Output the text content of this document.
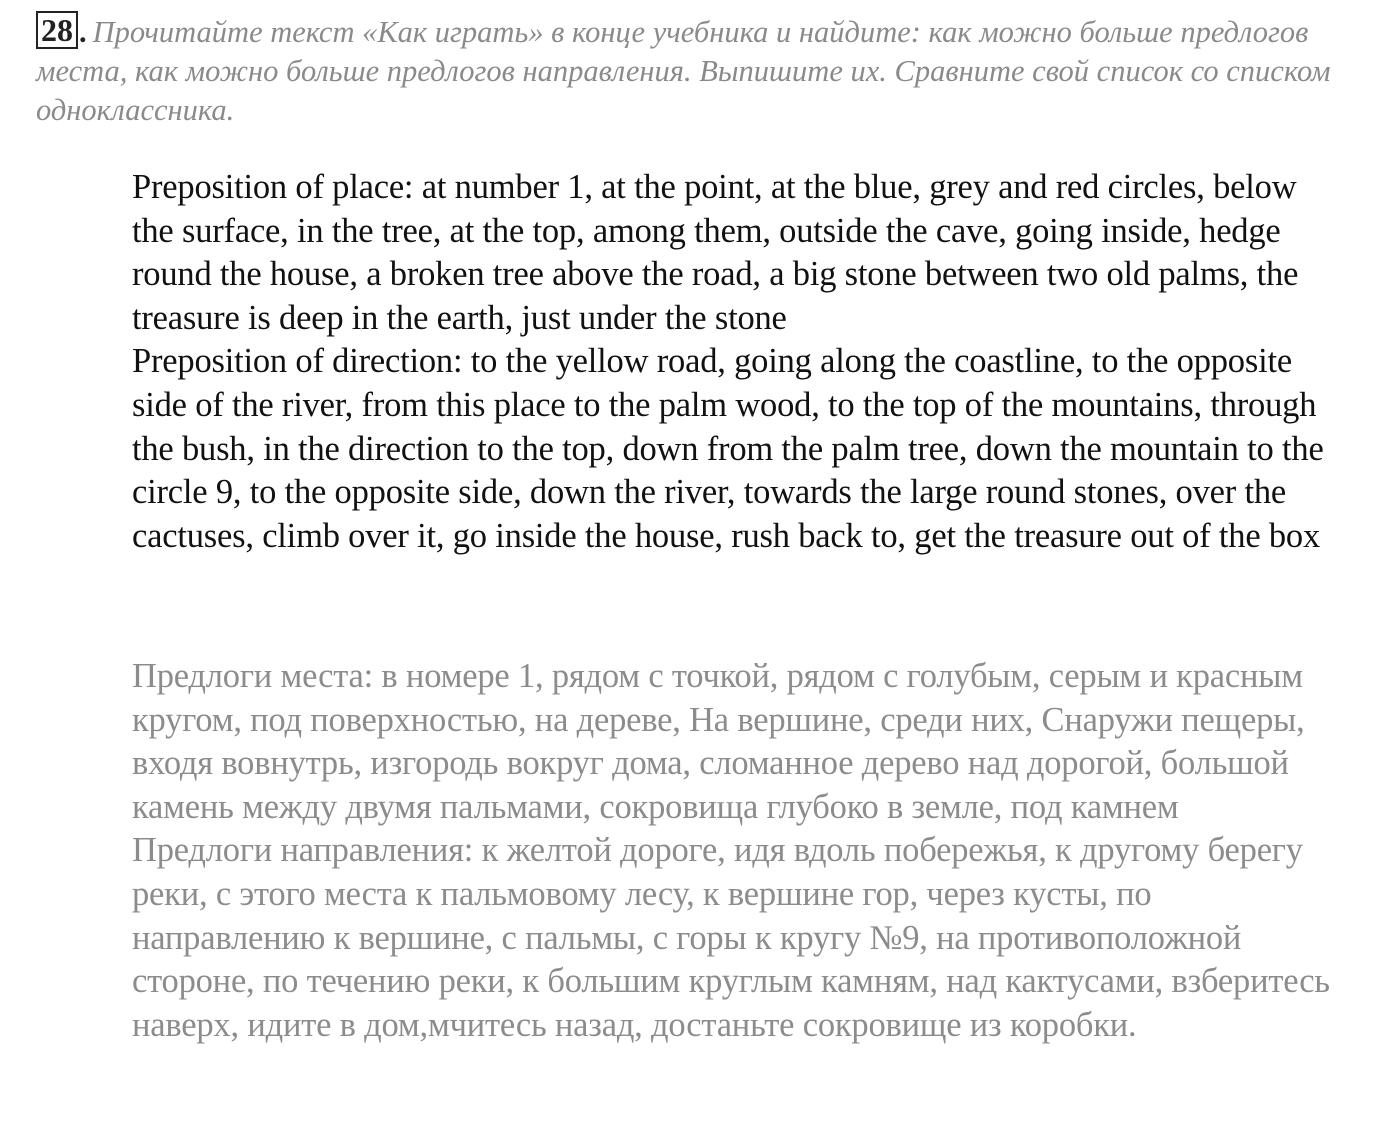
28 . Прочитайте текст «Как играть» в конце учебника и найдите: как можно больше предлогов места, как можно больше предлогов направления. Выпишите их. Сравните свой список со списком одноклассника.

Preposition of place: at number 1, at the point, at the blue, grey and red circles, below the surface, in the tree, at the top, among them, outside the cave, going inside, hedge round the house, a broken tree above the road, a big stone between two old palms, the treasure is deep in the earth, just under the stone

Preposition of direction: to the yellow road, going along the coastline, to the opposite side of the river, from this place to the palm wood, to the top of the mountains, through the bush, in the direction to the top, down from the palm tree, down the mountain to the circle 9, to the opposite side, down the river, towards the large round stones, over the cactuses, climb over it, go inside the house, rush back to, get the treasure out of the box

Предлоги места: в номере 1, рядом с точкой, рядом с голубым, серым и красным кругом, под поверхностью, на дереве, На вершине, среди них, Снаружи пещеры, входя вовнутрь, изгородь вокруг дома, сломанное дерево над дорогой, большой камень между двумя пальмами, сокровища глубоко в земле, под камнем

Предлоги направления: к желтой дороге, идя вдоль побережья, к другому берегу реки, с этого места к пальмовому лесу, к вершине гор, через кусты, по направлению к вершине, с пальмы, с горы к кругу №9, на противоположной стороне, по течению реки, к большим круглым камням, над кактусами, взберитесь наверх, идите в дом,мчитесь назад, достаньте сокровище из коробки.
